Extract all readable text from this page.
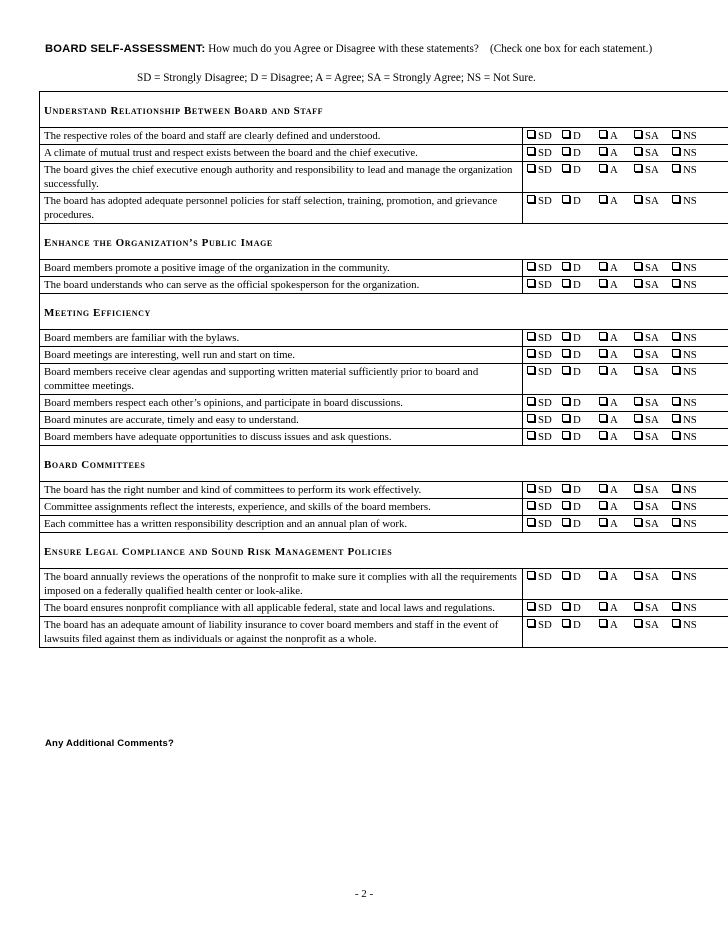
BOARD SELF-ASSESSMENT: How much do you Agree or Disagree with these statements? (Check one box for each statement.)
SD = Strongly Disagree; D = Disagree; A = Agree; SA = Strongly Agree; NS = Not Sure.
Understand Relationship Between Board and Staff	
The respective roles of the board and staff are clearly defined and understood.	SD D A SA NS
A climate of mutual trust and respect exists between the board and the chief executive.	SD D A SA NS
The board gives the chief executive enough authority and responsibility to lead and manage the organization successfully.	SD D A SA NS
The board has adopted adequate personnel policies for staff selection, training, promotion, and grievance procedures.	SD D A SA NS
Enhance the Organization’s Public Image	
Board members promote a positive image of the organization in the community.	SD D A SA NS
The board understands who can serve as the official spokesperson for the organization.	SD D A SA NS
Meeting Efficiency	
Board members are familiar with the bylaws.	SD D A SA NS
Board meetings are interesting, well run and start on time.	SD D A SA NS
Board members receive clear agendas and supporting written material sufficiently prior to board and committee meetings.	SD D A SA NS
Board members respect each other’s opinions, and participate in board discussions.	SD D A SA NS
Board minutes are accurate, timely and easy to understand.	SD D A SA NS
Board members have adequate opportunities to discuss issues and ask questions.	SD D A SA NS
Board Committees	
The board has the right number and kind of committees to perform its work effectively.	SD D A SA NS
Committee assignments reflect the interests, experience, and skills of the board members.	SD D A SA NS
Each committee has a written responsibility description and an annual plan of work.	SD D A SA NS
Ensure Legal Compliance and Sound Risk Management Policies	
The board annually reviews the operations of the nonprofit to make sure it complies with all the requirements imposed on a federally qualified health center or look-alike.	SD D A SA NS
The board ensures nonprofit compliance with all applicable federal, state and local laws and regulations.	SD D A SA NS
The board has an adequate amount of liability insurance to cover board members and staff in the event of lawsuits filed against them as individuals or against the nonprofit as a whole.	SD D A SA NS
Any Additional Comments?
- 2 -
